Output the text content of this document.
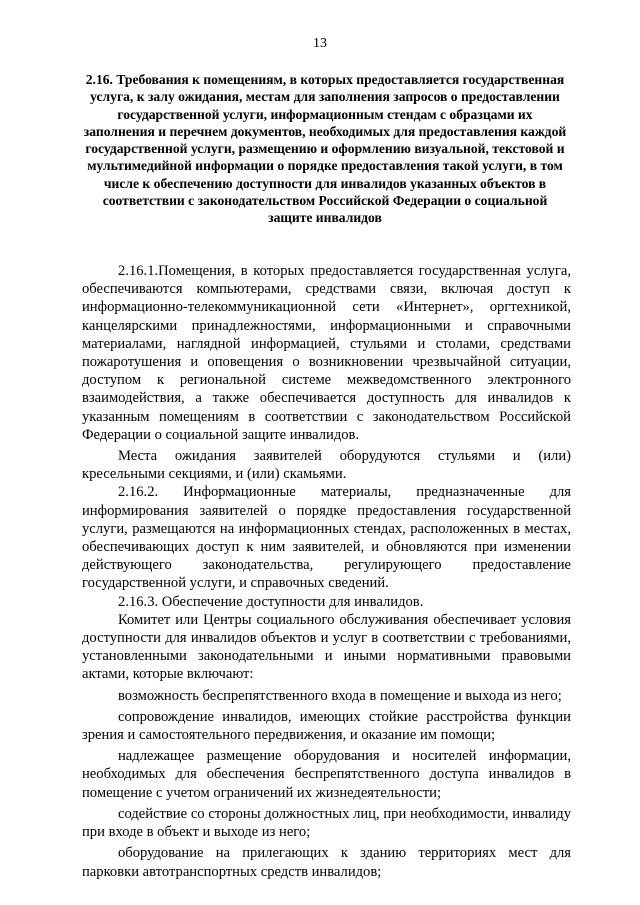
13
2.16. Требования к помещениям, в которых предоставляется государственная услуга, к залу ожидания, местам для заполнения запросов о предоставлении государственной услуги, информационным стендам с образцами их заполнения и перечнем документов, необходимых для предоставления каждой государственной услуги, размещению и оформлению визуальной, текстовой и мультимедийной информации о порядке предоставления такой услуги, в том числе к обеспечению доступности для инвалидов указанных объектов в соответствии с законодательством Российской Федерации о социальной защите инвалидов

2.16.1.Помещения, в которых предоставляется государственная услуга, обеспечиваются компьютерами, средствами связи, включая доступ к информационно-телекоммуникационной сети «Интернет», оргтехникой, канцелярскими принадлежностями, информационными и справочными материалами, наглядной информацией, стульями и столами, средствами пожаротушения и оповещения о возникновении чрезвычайной ситуации, доступом к региональной системе межведомственного электронного взаимодействия, а также обеспечивается доступность для инвалидов к указанным помещениям в соответствии с законодательством Российской Федерации о социальной защите инвалидов.

Места ожидания заявителей оборудуются стульями и (или) кресельными секциями, и (или) скамьями.

2.16.2. Информационные материалы, предназначенные для информирования заявителей о порядке предоставления государственной услуги, размещаются на информационных стендах, расположенных в местах, обеспечивающих доступ к ним заявителей, и обновляются при изменении действующего законодательства, регулирующего предоставление государственной услуги, и справочных сведений.

2.16.3. Обеспечение доступности для инвалидов.

Комитет или Центры социального обслуживания обеспечивает условия доступности для инвалидов объектов и услуг в соответствии с требованиями, установленными законодательными и иными нормативными правовыми актами, которые включают:

возможность беспрепятственного входа в помещение и выхода из него;

сопровождение инвалидов, имеющих стойкие расстройства функции зрения и самостоятельного передвижения, и оказание им помощи;

надлежащее размещение оборудования и носителей информации, необходимых для обеспечения беспрепятственного доступа инвалидов в помещение с учетом ограничений их жизнедеятельности;

содействие со стороны должностных лиц, при необходимости, инвалиду при входе в объект и выходе из него;

оборудование на прилегающих к зданию территориях мест для парковки автотранспортных средств инвалидов;
